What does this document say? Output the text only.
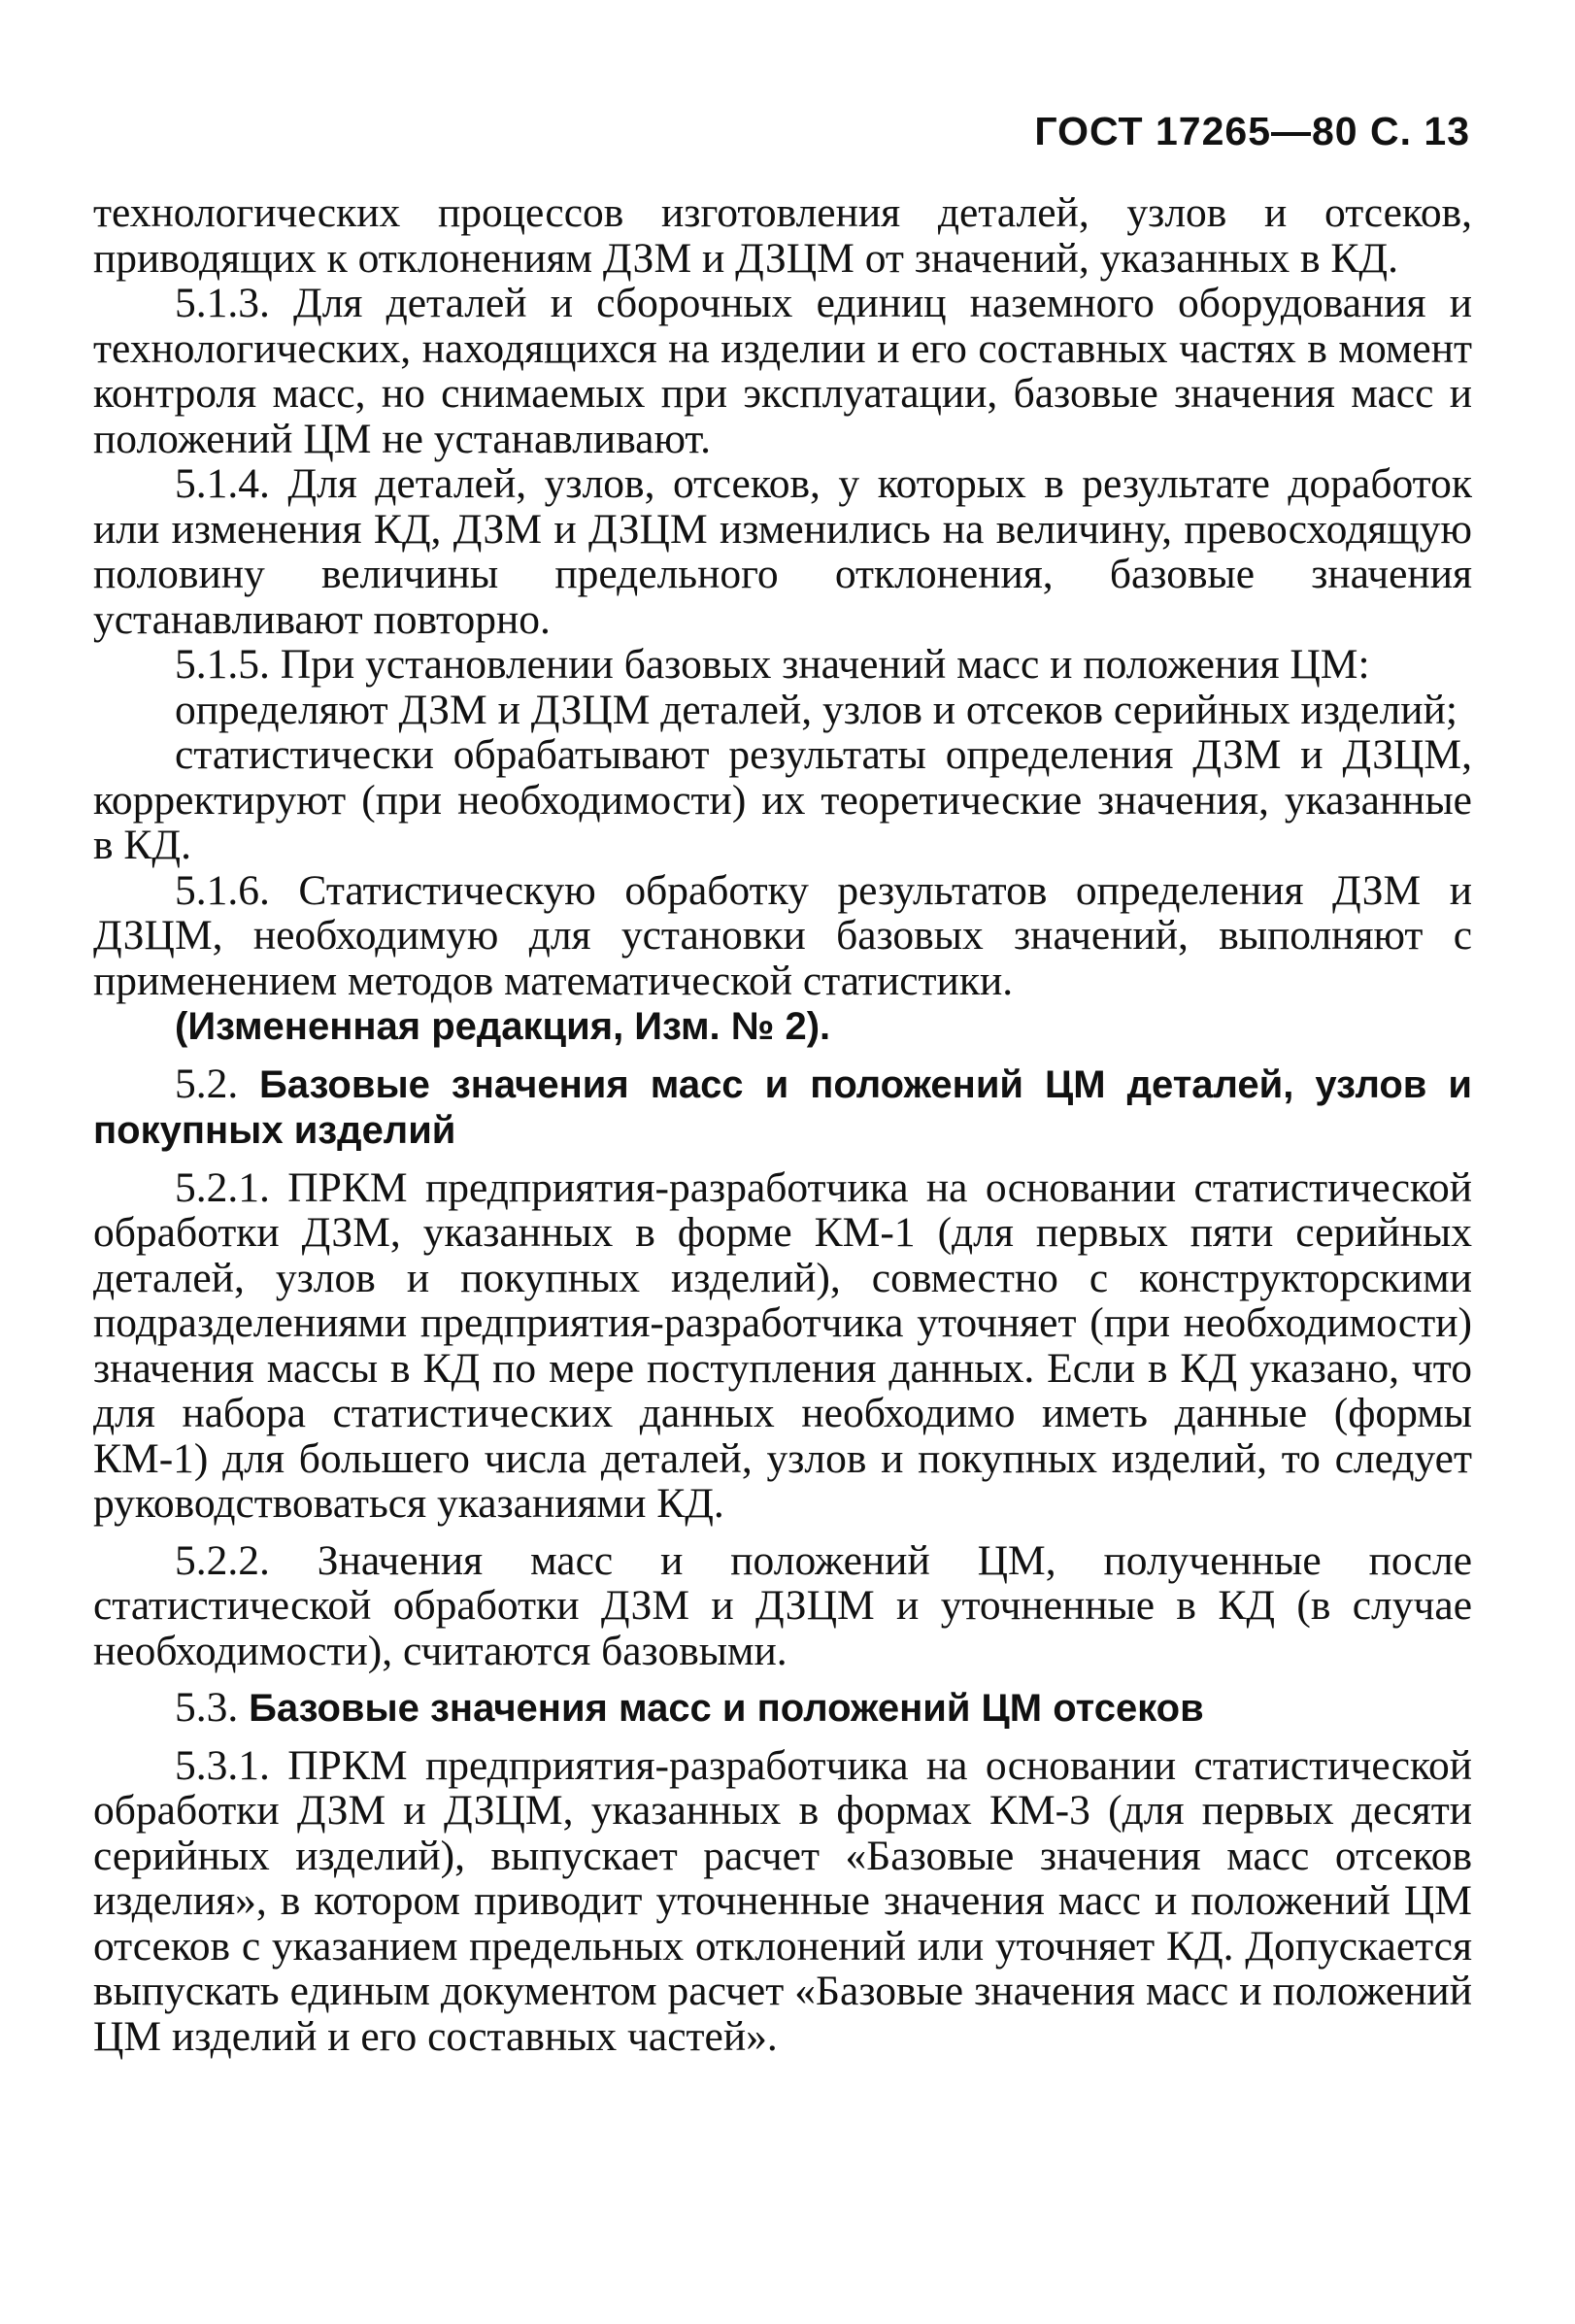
ГОСТ 17265—80 С. 13

технологических процессов изготовления деталей, узлов и отсеков, приводящих к отклонениям ДЗМ и ДЗЦМ от значений, указанных в КД.

5.1.3. Для деталей и сборочных единиц наземного оборудования и технологических, находящихся на изделии и его составных частях в момент контроля масс, но снимаемых при эксплуатации, базовые значения масс и положений ЦМ не устанавливают.

5.1.4. Для деталей, узлов, отсеков, у которых в результате доработок или изменения КД, ДЗМ и ДЗЦМ изменились на величину, превосходящую половину величины предельного отклонения, базовые значения устанавливают повторно.

5.1.5. При установлении базовых значений масс и положения ЦМ:

определяют ДЗМ и ДЗЦМ деталей, узлов и отсеков серийных изделий;

статистически обрабатывают результаты определения ДЗМ и ДЗЦМ, корректируют (при необходимости) их теоретические значения, указанные в КД.

5.1.6. Статистическую обработку результатов определения ДЗМ и ДЗЦМ, необходимую для установки базовых значений, выполняют с применением методов математической статистики.

(Измененная редакция, Изм. № 2).

5.2. Базовые значения масс и положений ЦМ деталей, узлов и покупных изделий

5.2.1. ПРКМ предприятия-разработчика на основании статистической обработки ДЗМ, указанных в форме КМ-1 (для первых пяти серийных деталей, узлов и покупных изделий), совместно с конструкторскими подразделениями предприятия-разработчика уточняет (при необходимости) значения массы в КД по мере поступления данных. Если в КД указано, что для набора статистических данных необходимо иметь данные (формы КМ-1) для большего числа деталей, узлов и покупных изделий, то следует руководствоваться указаниями КД.

5.2.2. Значения масс и положений ЦМ, полученные после статистической обработки ДЗМ и ДЗЦМ и уточненные в КД (в случае необходимости), считаются базовыми.

5.3. Базовые значения масс и положений ЦМ отсеков

5.3.1. ПРКМ предприятия-разработчика на основании статистической обработки ДЗМ и ДЗЦМ, указанных в формах КМ-3 (для первых десяти серийных изделий), выпускает расчет «Базовые значения масс отсеков изделия», в котором приводит уточненные значения масс и положений ЦМ отсеков с указанием предельных отклонений или уточняет КД. Допускается выпускать единым документом расчет «Базовые значения масс и положений ЦМ изделий и его составных частей».
